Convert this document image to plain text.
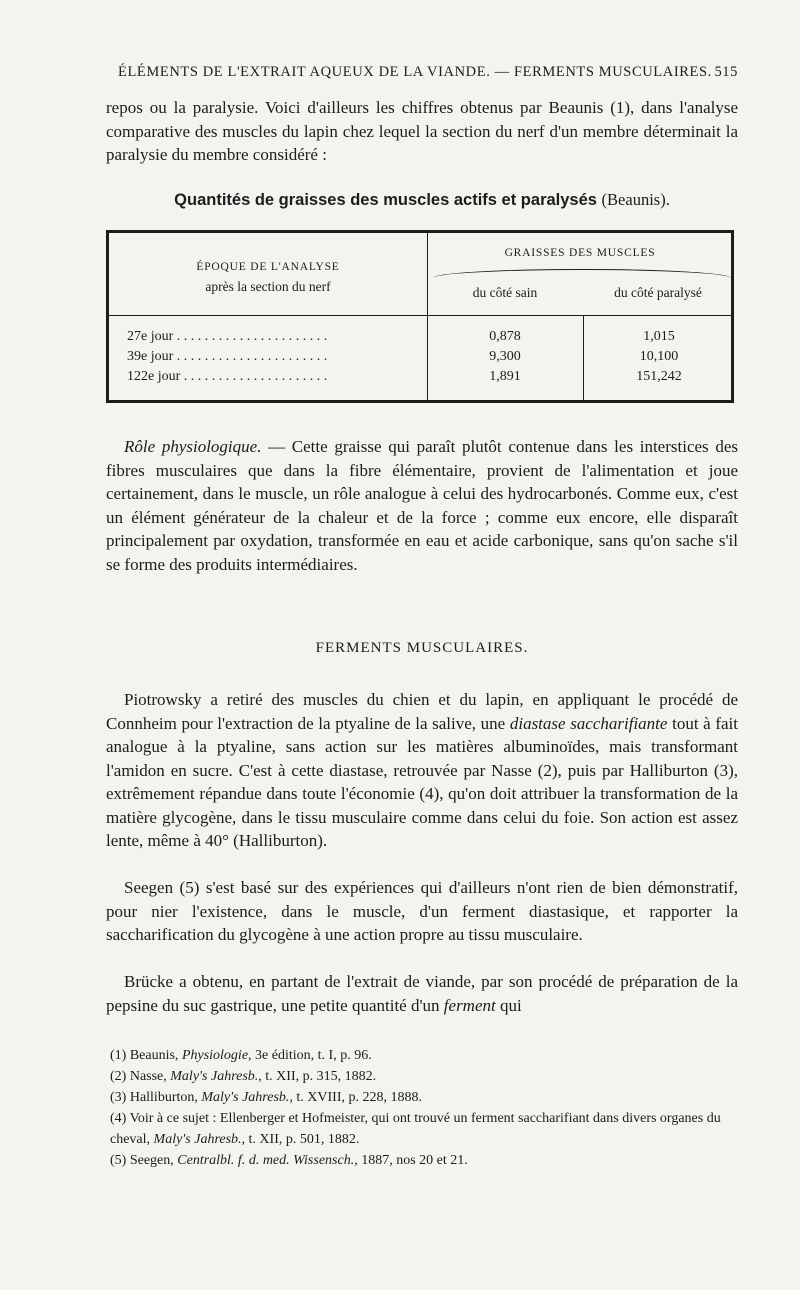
ÉLÉMENTS DE L'EXTRAIT AQUEUX DE LA VIANDE. — FERMENTS MUSCULAIRES. 515

repos ou la paralysie. Voici d'ailleurs les chiffres obtenus par Beaunis (1), dans l'analyse comparative des muscles du lapin chez lequel la section du nerf d'un membre déterminait la paralysie du membre considéré :

Quantités de graisses des muscles actifs et paralysés (Beaunis).
ÉPOQUE DE L'ANALYSE
après la section du nerf
GRAISSES DES MUSCLES
du côté sain	du côté paralysé
27e jour . . . . . . . . . . . . . . . . . . . . . .	0,878	1,015
39e jour . . . . . . . . . . . . . . . . . . . . . .	9,300	10,100
122e jour . . . . . . . . . . . . . . . . . . . . .	1,891	151,242

Rôle physiologique. — Cette graisse qui paraît plutôt contenue dans les interstices des fibres musculaires que dans la fibre élémentaire, provient de l'alimentation et joue certainement, dans le muscle, un rôle analogue à celui des hydrocarbonés. Comme eux, c'est un élément générateur de la chaleur et de la force ; comme eux encore, elle disparaît principalement par oxydation, transformée en eau et acide carbonique, sans qu'on sache s'il se forme des produits intermédiaires.

FERMENTS MUSCULAIRES.

Piotrowsky a retiré des muscles du chien et du lapin, en appliquant le procédé de Connheim pour l'extraction de la ptyaline de la salive, une diastase saccharifiante tout à fait analogue à la ptyaline, sans action sur les matières albuminoïdes, mais transformant l'amidon en sucre. C'est à cette diastase, retrouvée par Nasse (2), puis par Halliburton (3), extrêmement répandue dans toute l'économie (4), qu'on doit attribuer la transformation de la matière glycogène, dans le tissu musculaire comme dans celui du foie. Son action est assez lente, même à 40° (Halliburton).

Seegen (5) s'est basé sur des expériences qui d'ailleurs n'ont rien de bien démonstratif, pour nier l'existence, dans le muscle, d'un ferment diastasique, et rapporter la saccharification du glycogène à une action propre au tissu musculaire.

Brücke a obtenu, en partant de l'extrait de viande, par son procédé de préparation de la pepsine du suc gastrique, une petite quantité d'un ferment qui

(1) Beaunis, Physiologie, 3e édition, t. I, p. 96.

(2) Nasse, Maly's Jahresb., t. XII, p. 315, 1882.

(3) Halliburton, Maly's Jahresb., t. XVIII, p. 228, 1888.

(4) Voir à ce sujet : Ellenberger et Hofmeister, qui ont trouvé un ferment saccharifiant dans divers organes du cheval, Maly's Jahresb., t. XII, p. 501, 1882.

(5) Seegen, Centralbl. f. d. med. Wissensch., 1887, nos 20 et 21.
